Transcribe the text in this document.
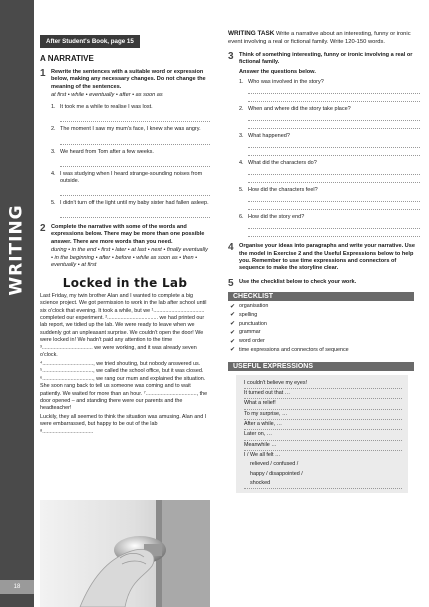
WRITING
18
After Student's Book, page 15
A NARRATIVE
1 Rewrite the sentences with a suitable word or expression below, making any necessary changes. Do not change the meaning of the sentences.
at first • while • eventually • after • as soon as
1. It took me a while to realise I was lost.
2. The moment I saw my mum's face, I knew she was angry.
3. We heard from Tom after a few weeks.
4. I was studying when I heard strange-sounding noises from outside.
5. I didn't turn off the light until my baby sister had fallen asleep.
2 Complete the narrative with some of the words and expressions below. There may be more than one possible answer. There are more words than you need.
during • in the end • first • later • at last • next • finally eventually • in the beginning • after • before • while as soon as • then • eventually • at first
Locked in the Lab

Last Friday, my twin brother Alan and I wanted to complete a big science project. We got permission to work in the lab after school until six o'clock that evening. It took a while, but we ¹.................................. completed our experiment. ².................................. we had printed our lab report, we tidied up the lab. We were ready to leave when we suddenly got an unpleasant surprise. We couldn't open the door! We were locked in! We hadn't paid any attention to the time ³.................................. we were working, and it was already seven o'clock.

⁴.................................., we tried shouting, but nobody answered us. ⁵.................................., we called the school office, but it was closed. ⁶.................................., we rang our mum and explained the situation. She soon rang back to tell us someone was coming and to wait patiently. We waited for more than an hour. ⁷.................................., the door opened – and standing there were our parents and the headteacher!

Luckily, they all seemed to think the situation was amusing. Alan and I were embarrassed, but happy to be out of the lab ⁸..................................

WRITING TASK Write a narrative about an interesting, funny or ironic event involving a real or fictional family. Write 120-150 words.
3 Think of something interesting, funny or ironic involving a real or fictional family.
Answer the questions below.
1. Who was involved in the story?
2. When and where did the story take place?
3. What happened?
4. What did the characters do?
5. How did the characters feel?
6. How did the story end?
4 Organise your ideas into paragraphs and write your narrative. Use the model in Exercise 2 and the Useful Expressions below to help you. Remember to use time expressions and connectors of sequence to make the storyline clear.
5 Use the checklist below to check your work.
CHECKLIST
✔ organisation
✔ spelling
✔ punctuation
✔ grammar
✔ word order
✔ time expressions and connectors of sequence
USEFUL EXPRESSIONS
I couldn't believe my eyes!
It turned out that …
What a relief!
To my surprise, …
After a while, …
Later on, …
Meanwhile …
I / We all felt …
relieved / confused /
happy / disappointed /
shocked
